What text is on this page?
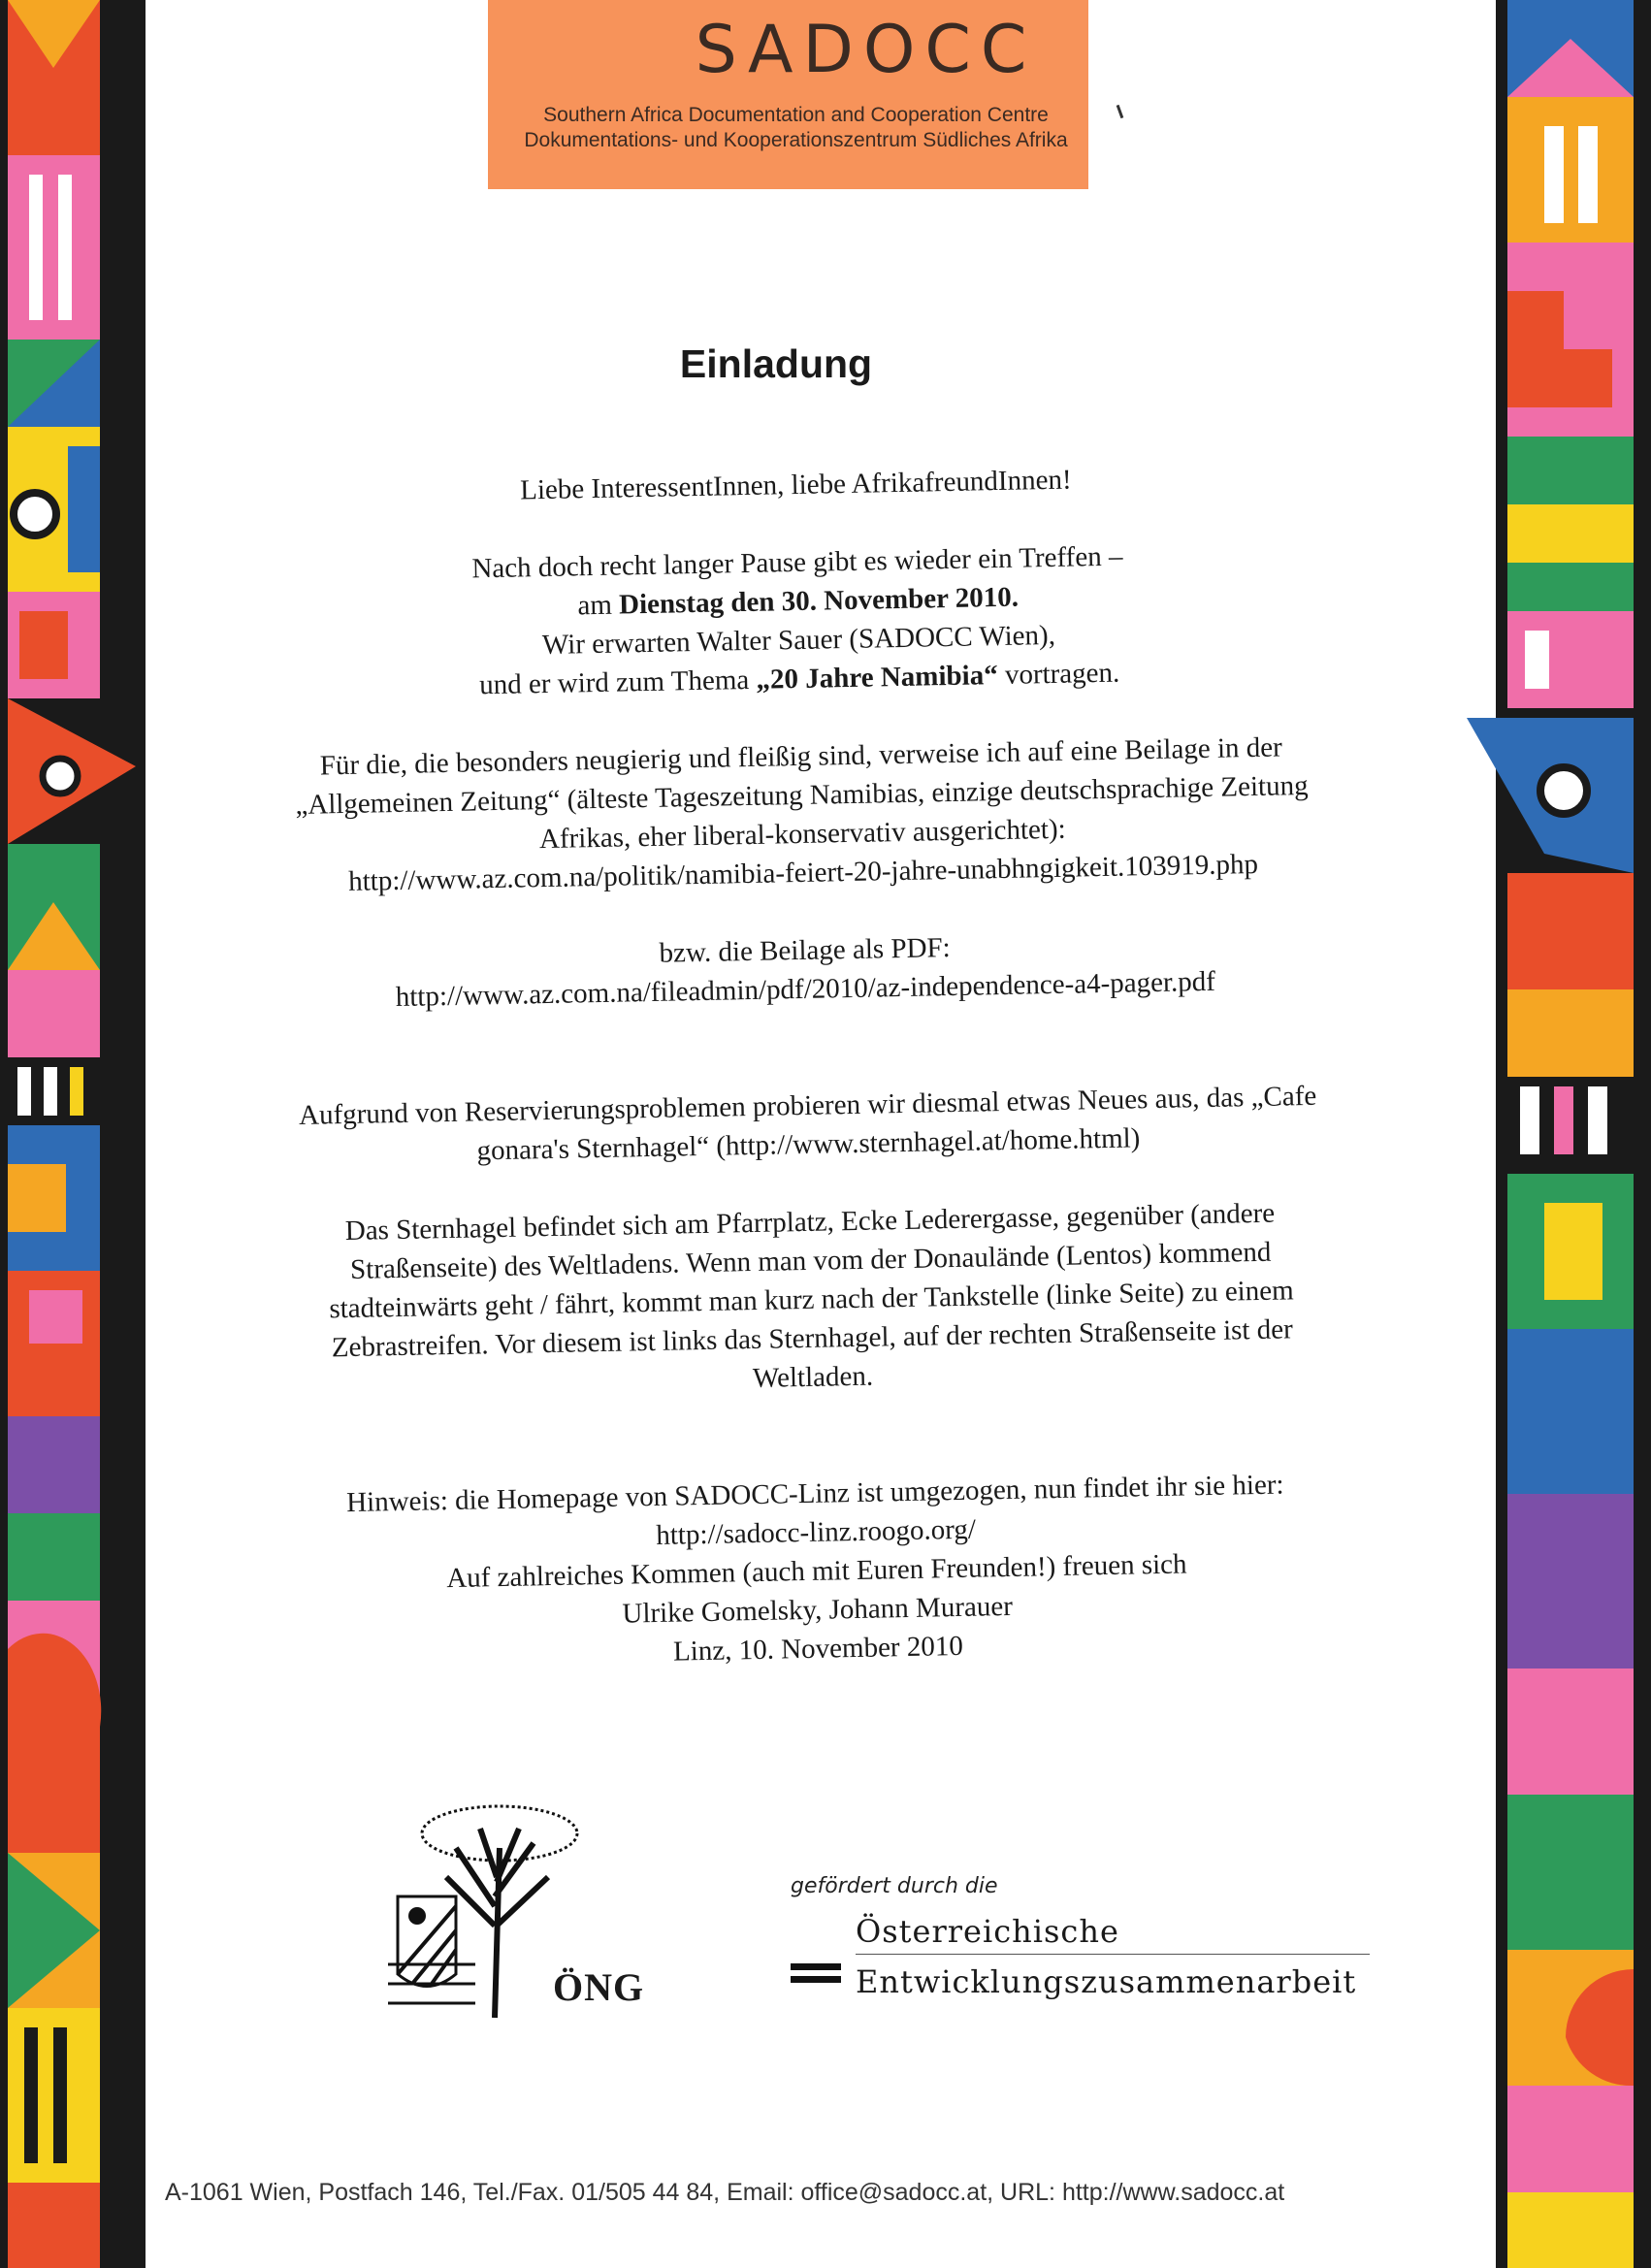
SADOCC
Southern Africa Documentation and Cooperation Centre
Dokumentations- und Kooperationszentrum Südliches Afrika
Einladung

Liebe InteressentInnen, liebe AfrikafreundInnen!

Nach doch recht langer Pause gibt es wieder ein Treffen –

am Dienstag den 30. November 2010.

Wir erwarten Walter Sauer (SADOCC Wien),

und er wird zum Thema „20 Jahre Namibia“ vortragen.

Für die, die besonders neugierig und fleißig sind, verweise ich auf eine Beilage in der

„Allgemeinen Zeitung“ (älteste Tageszeitung Namibias, einzige deutschsprachige Zeitung

Afrikas, eher liberal-konservativ ausgerichtet):

http://www.az.com.na/politik/namibia-feiert-20-jahre-unabhngigkeit.103919.php

bzw. die Beilage als PDF:

http://www.az.com.na/fileadmin/pdf/2010/az-independence-a4-pager.pdf

Aufgrund von Reservierungsproblemen probieren wir diesmal etwas Neues aus, das „Cafe

gonara's Sternhagel“ (http://www.sternhagel.at/home.html)

Das Sternhagel befindet sich am Pfarrplatz, Ecke Lederergasse, gegenüber (andere

Straßenseite) des Weltladens. Wenn man vom der Donaulände (Lentos) kommend

stadteinwärts geht / fährt, kommt man kurz nach der Tankstelle (linke Seite) zu einem

Zebrastreifen. Vor diesem ist links das Sternhagel, auf der rechten Straßenseite ist der

Weltladen.

Hinweis: die Homepage von SADOCC-Linz ist umgezogen, nun findet ihr sie hier:

http://sadocc-linz.roogo.org/

Auf zahlreiches Kommen (auch mit Euren Freunden!) freuen sich

Ulrike Gomelsky, Johann Murauer

Linz, 10. November 2010

ÖNG
gefördert durch die
Österreichische
Entwicklungszusammenarbeit
A-1061 Wien, Postfach 146, Tel./Fax. 01/505 44 84, Email: office@sadocc.at, URL: http://www.sadocc.at
